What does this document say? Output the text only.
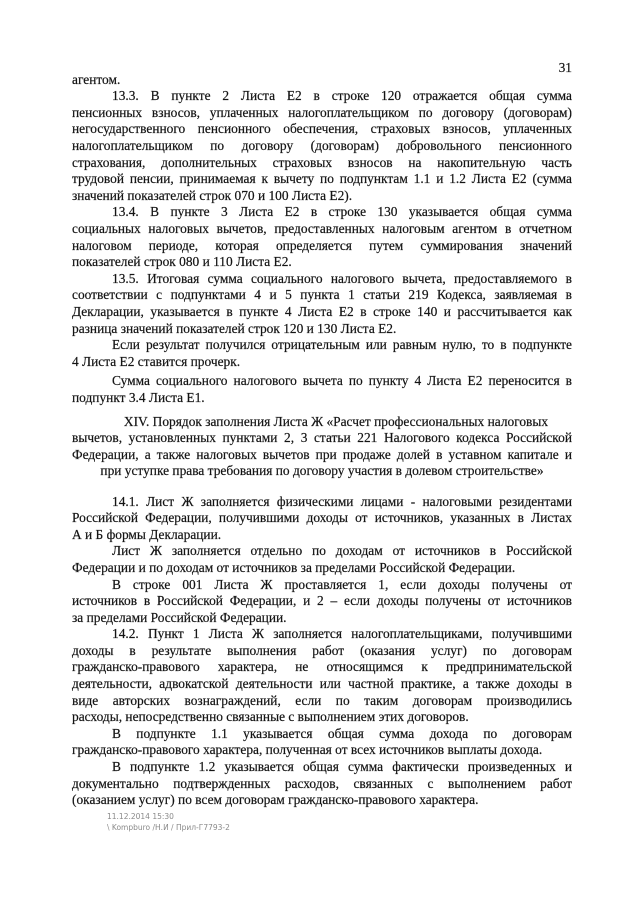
31
агентом.
13.3. В пункте 2 Листа Е2 в строке 120 отражается общая сумма
пенсионных взносов, уплаченных налогоплательщиком по договору (договорам)
негосударственного пенсионного обеспечения, страховых взносов, уплаченных
налогоплательщиком по договору (договорам) добровольного пенсионного
страхования, дополнительных страховых взносов на накопительную часть
трудовой пенсии, принимаемая к вычету по подпунктам 1.1 и 1.2 Листа Е2 (сумма
значений показателей строк 070 и 100 Листа Е2).
13.4. В пункте 3 Листа Е2 в строке 130 указывается общая сумма
социальных налоговых вычетов, предоставленных налоговым агентом в отчетном
налоговом периоде, которая определяется путем суммирования значений
показателей строк 080 и 110 Листа Е2.
13.5. Итоговая сумма социального налогового вычета, предоставляемого в
соответствии с подпунктами 4 и 5 пункта 1 статьи 219 Кодекса, заявляемая в
Декларации, указывается в пункте 4 Листа Е2 в строке 140 и рассчитывается как
разница значений показателей строк 120 и 130 Листа Е2.
Если результат получился отрицательным или равным нулю, то в подпункте
4 Листа Е2 ставится прочерк.
Сумма социального налогового вычета по пункту 4 Листа Е2 переносится в
подпункт 3.4 Листа Е1.
XIV. Порядок заполнения Листа Ж «Расчет профессиональных налоговых
вычетов, установленных пунктами 2, 3 статьи 221 Налогового кодекса Российской
Федерации, а также налоговых вычетов при продаже долей в уставном капитале и
при уступке права требования по договору участия в долевом строительстве»
14.1. Лист Ж заполняется физическими лицами - налоговыми резидентами
Российской Федерации, получившими доходы от источников, указанных в Листах
А и Б формы Декларации.
Лист Ж заполняется отдельно по доходам от источников в Российской
Федерации и по доходам от источников за пределами Российской Федерации.
В строке 001 Листа Ж проставляется 1, если доходы получены от
источников в Российской Федерации, и 2 – если доходы получены от источников
за пределами Российской Федерации.
14.2. Пункт 1 Листа Ж заполняется налогоплательщиками, получившими
доходы в результате выполнения работ (оказания услуг) по договорам
гражданско-правового характера, не относящимся к предпринимательской
деятельности, адвокатской деятельности или частной практике, а также доходы в
виде авторских вознаграждений, если по таким договорам производились
расходы, непосредственно связанные с выполнением этих договоров.
В подпункте 1.1 указывается общая сумма дохода по договорам
гражданско-правового характера, полученная от всех источников выплаты дохода.
В подпункте 1.2 указывается общая сумма фактически произведенных и
документально подтвержденных расходов, связанных с выполнением работ
(оказанием услуг) по всем договорам гражданско-правового характера.
11.12.2014 15:30
\ Kompburo /Н.И / Прил-Г7793-2
